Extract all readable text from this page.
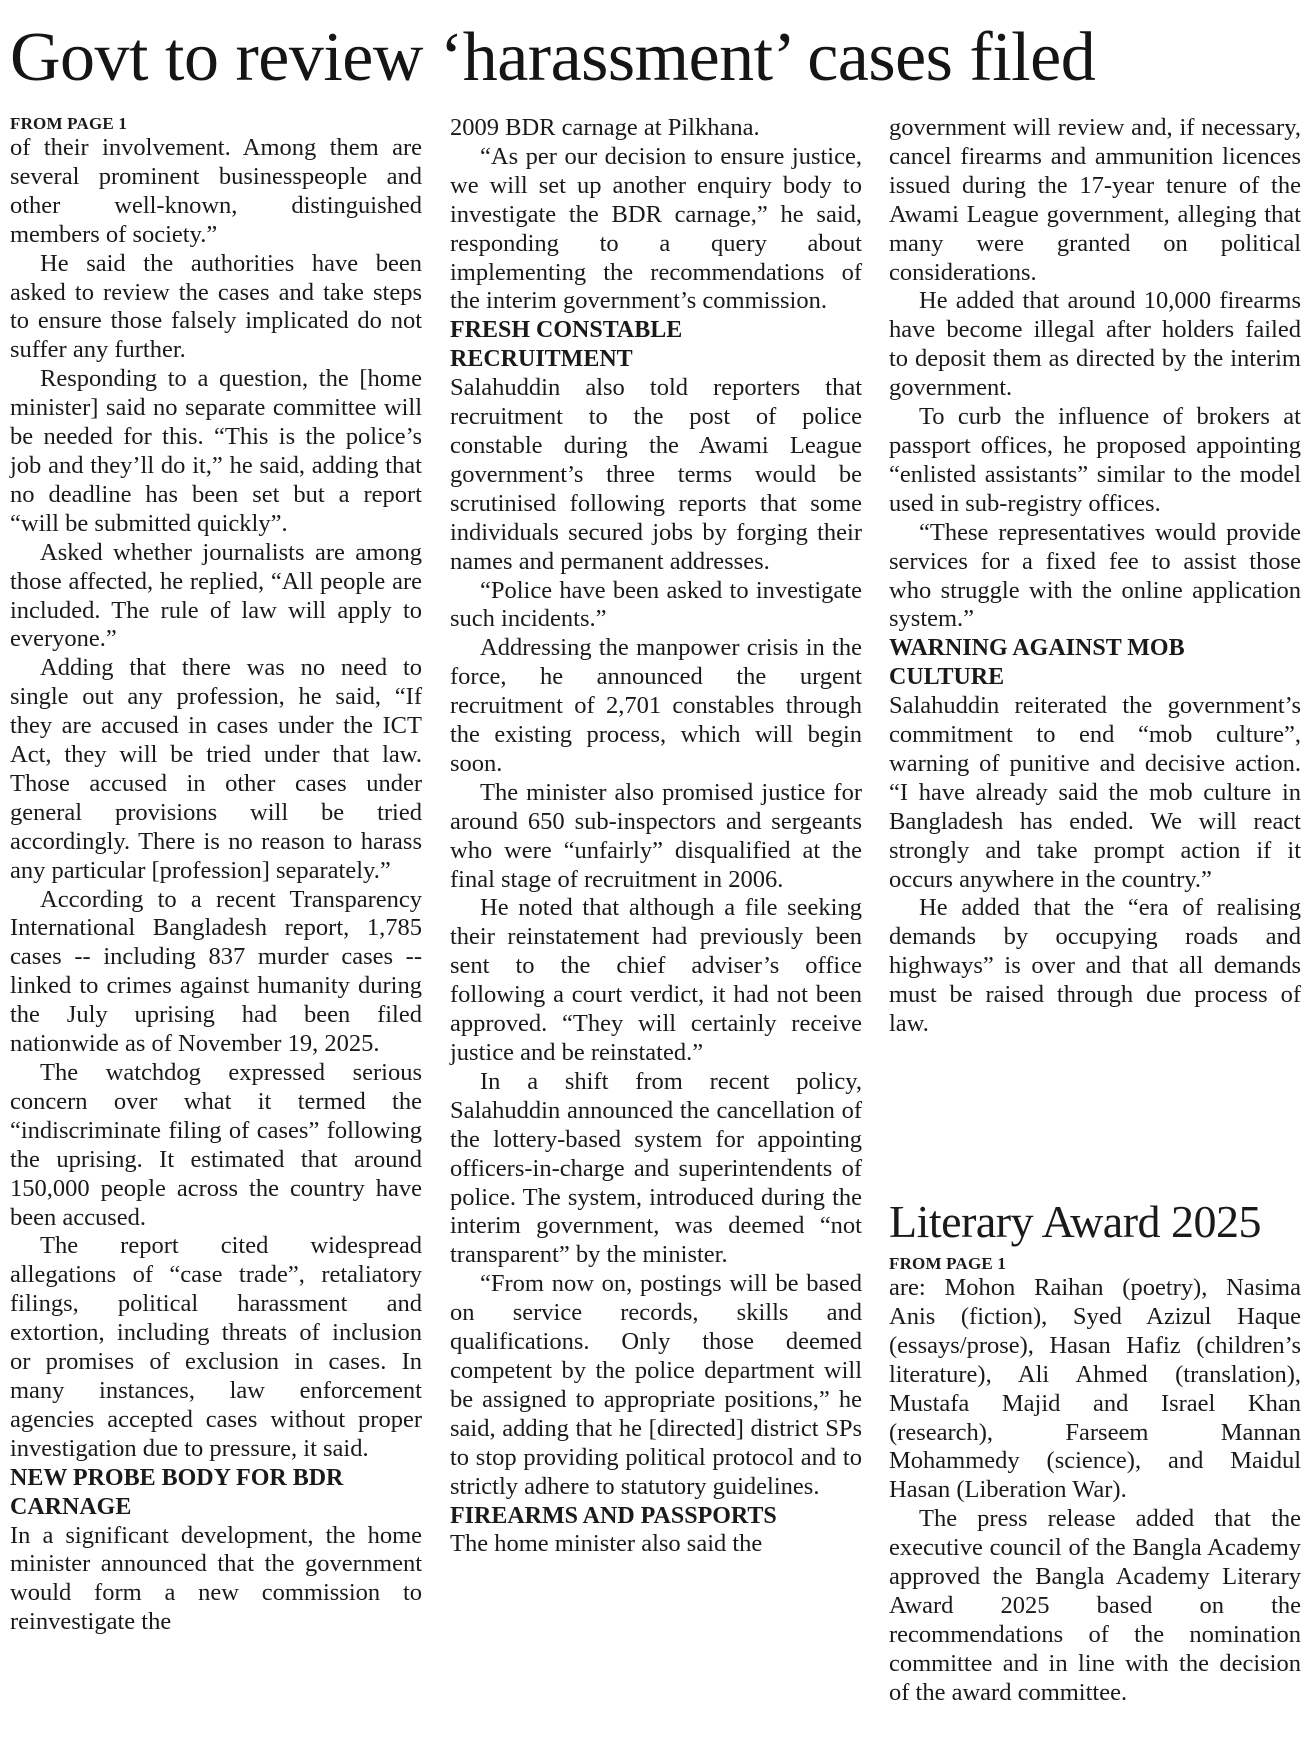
Govt to review ‘harassment’ cases filed
FROM PAGE 1

of their involvement. Among them are several prominent businesspeople and other well-known, distinguished members of society.”

He said the authorities have been asked to review the cases and take steps to ensure those falsely implicated do not suffer any further.

Responding to a question, the [home minister] said no separate committee will be needed for this. “This is the police’s job and they’ll do it,” he said, adding that no deadline has been set but a report “will be submitted quickly”.

Asked whether journalists are among those affected, he replied, “All people are included. The rule of law will apply to everyone.”

Adding that there was no need to single out any profession, he said, “If they are accused in cases under the ICT Act, they will be tried under that law. Those accused in other cases under general provisions will be tried accordingly. There is no reason to harass any particular [profession] separately.”

According to a recent Transparency International Bangladesh report, 1,785 cases -- including 837 murder cases -- linked to crimes against humanity during the July uprising had been filed nationwide as of November 19, 2025.

The watchdog expressed serious concern over what it termed the “indiscriminate filing of cases” following the uprising. It estimated that around 150,000 people across the country have been accused.

The report cited widespread allegations of “case trade”, retaliatory filings, political harassment and extortion, including threats of inclusion or promises of exclusion in cases. In many instances, law enforcement agencies accepted cases without proper investigation due to pressure, it said.

NEW PROBE BODY FOR BDR CARNAGE

In a significant development, the home minister announced that the government would form a new commission to reinvestigate the

2009 BDR carnage at Pilkhana.

“As per our decision to ensure justice, we will set up another enquiry body to investigate the BDR carnage,” he said, responding to a query about implementing the recommendations of the interim government’s commission.

FRESH CONSTABLE RECRUITMENT

Salahuddin also told reporters that recruitment to the post of police constable during the Awami League government’s three terms would be scrutinised following reports that some individuals secured jobs by forging their names and permanent addresses.

“Police have been asked to investigate such incidents.”

Addressing the manpower crisis in the force, he announced the urgent recruitment of 2,701 constables through the existing process, which will begin soon.

The minister also promised justice for around 650 sub-inspectors and sergeants who were “unfairly” disqualified at the final stage of recruitment in 2006.

He noted that although a file seeking their reinstatement had previously been sent to the chief adviser’s office following a court verdict, it had not been approved. “They will certainly receive justice and be reinstated.”

In a shift from recent policy, Salahuddin announced the cancellation of the lottery-based system for appointing officers-in-charge and superintendents of police. The system, introduced during the interim government, was deemed “not transparent” by the minister.

“From now on, postings will be based on service records, skills and qualifications. Only those deemed competent by the police department will be assigned to appropriate positions,” he said, adding that he [directed] district SPs to stop providing political protocol and to strictly adhere to statutory guidelines.

FIREARMS AND PASSPORTS

The home minister also said the

government will review and, if necessary, cancel firearms and ammunition licences issued during the 17-year tenure of the Awami League government, alleging that many were granted on political considerations.

He added that around 10,000 firearms have become illegal after holders failed to deposit them as directed by the interim government.

To curb the influence of brokers at passport offices, he proposed appointing “enlisted assistants” similar to the model used in sub-registry offices.

“These representatives would provide services for a fixed fee to assist those who struggle with the online application system.”

WARNING AGAINST MOB CULTURE

Salahuddin reiterated the government’s commitment to end “mob culture”, warning of punitive and decisive action. “I have already said the mob culture in Bangladesh has ended. We will react strongly and take prompt action if it occurs anywhere in the country.”

He added that the “era of realising demands by occupying roads and highways” is over and that all demands must be raised through due process of law.

Literary Award 2025
FROM PAGE 1

are: Mohon Raihan (poetry), Nasima Anis (fiction), Syed Azizul Haque (essays/prose), Hasan Hafiz (children’s literature), Ali Ahmed (translation), Mustafa Majid and Israel Khan (research), Farseem Mannan Mohammedy (science), and Maidul Hasan (Liberation War).

The press release added that the executive council of the Bangla Academy approved the Bangla Academy Literary Award 2025 based on the recommendations of the nomination committee and in line with the decision of the award committee.
